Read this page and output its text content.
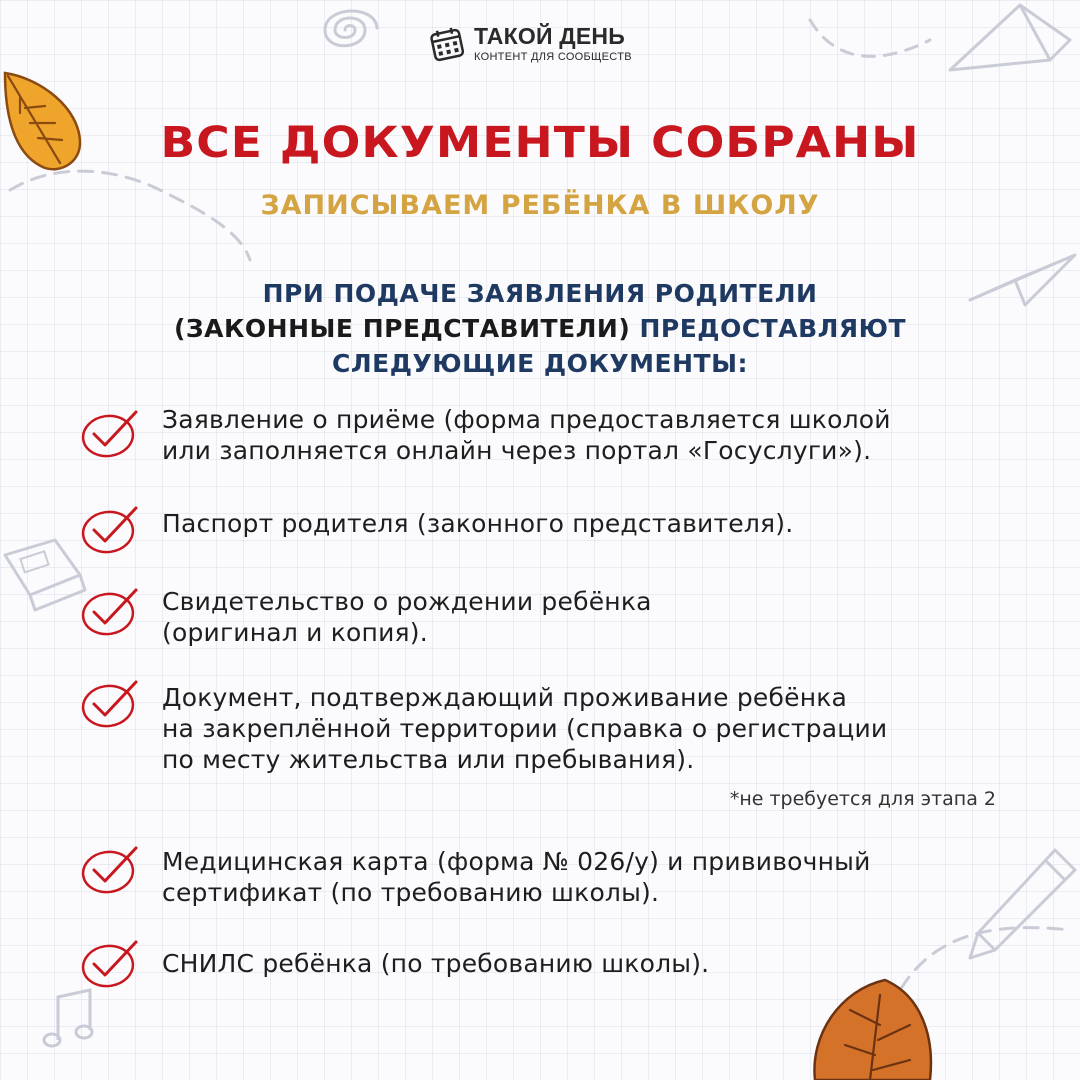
ТАКОЙ ДЕНЬ
КОНТЕНТ ДЛЯ СООБЩЕСТВ
ВСЕ ДОКУМЕНТЫ СОБРАНЫ
ЗАПИСЫВАЕМ РЕБЁНКА В ШКОЛУ
ПРИ ПОДАЧЕ ЗАЯВЛЕНИЯ РОДИТЕЛИ
(ЗАКОННЫЕ ПРЕДСТАВИТЕЛИ) ПРЕДОСТАВЛЯЮТ
СЛЕДУЮЩИЕ ДОКУМЕНТЫ:
Заявление о приёме (форма предоставляется школой
или заполняется онлайн через портал «Госуслуги»).
Паспорт родителя (законного представителя).
Свидетельство о рождении ребёнка
(оригинал и копия).
Документ, подтверждающий проживание ребёнка
на закреплённой территории (справка о регистрации
по месту жительства или пребывания).
*не требуется для этапа 2
Медицинская карта (форма № 026/у) и прививочный
сертификат (по требованию школы).
СНИЛС ребёнка (по требованию школы).
